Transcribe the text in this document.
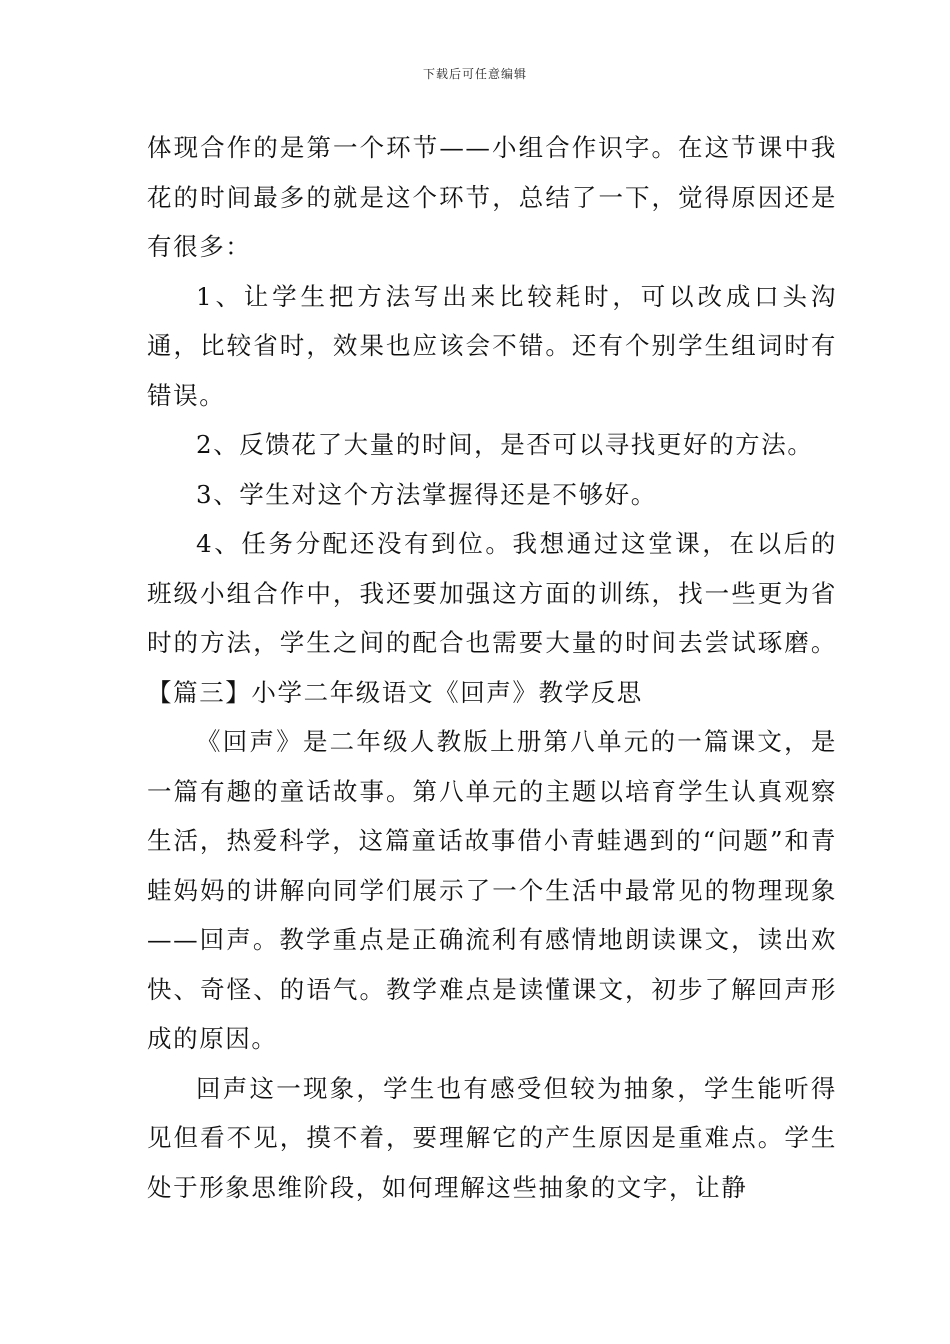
下载后可任意编辑

体现合作的是第一个环节——小组合作识字。在这节课中我花的时间最多的就是这个环节，总结了一下，觉得原因还是有很多：

1、让学生把方法写出来比较耗时，可以改成口头沟通，比较省时，效果也应该会不错。还有个别学生组词时有错误。

2、反馈花了大量的时间，是否可以寻找更好的方法。

3、学生对这个方法掌握得还是不够好。

4、任务分配还没有到位。我想通过这堂课，在以后的班级小组合作中，我还要加强这方面的训练，找一些更为省时的方法，学生之间的配合也需要大量的时间去尝试琢磨。【篇三】小学二年级语文《回声》教学反思

《回声》是二年级人教版上册第八单元的一篇课文，是一篇有趣的童话故事。第八单元的主题以培育学生认真观察生活，热爱科学，这篇童话故事借小青蛙遇到的“问题”和青蛙妈妈的讲解向同学们展示了一个生活中最常见的物理现象——回声。教学重点是正确流利有感情地朗读课文，读出欢快、奇怪、的语气。教学难点是读懂课文，初步了解回声形成的原因。

回声这一现象，学生也有感受但较为抽象，学生能听得见但看不见，摸不着，要理解它的产生原因是重难点。学生处于形象思维阶段，如何理解这些抽象的文字，让静
